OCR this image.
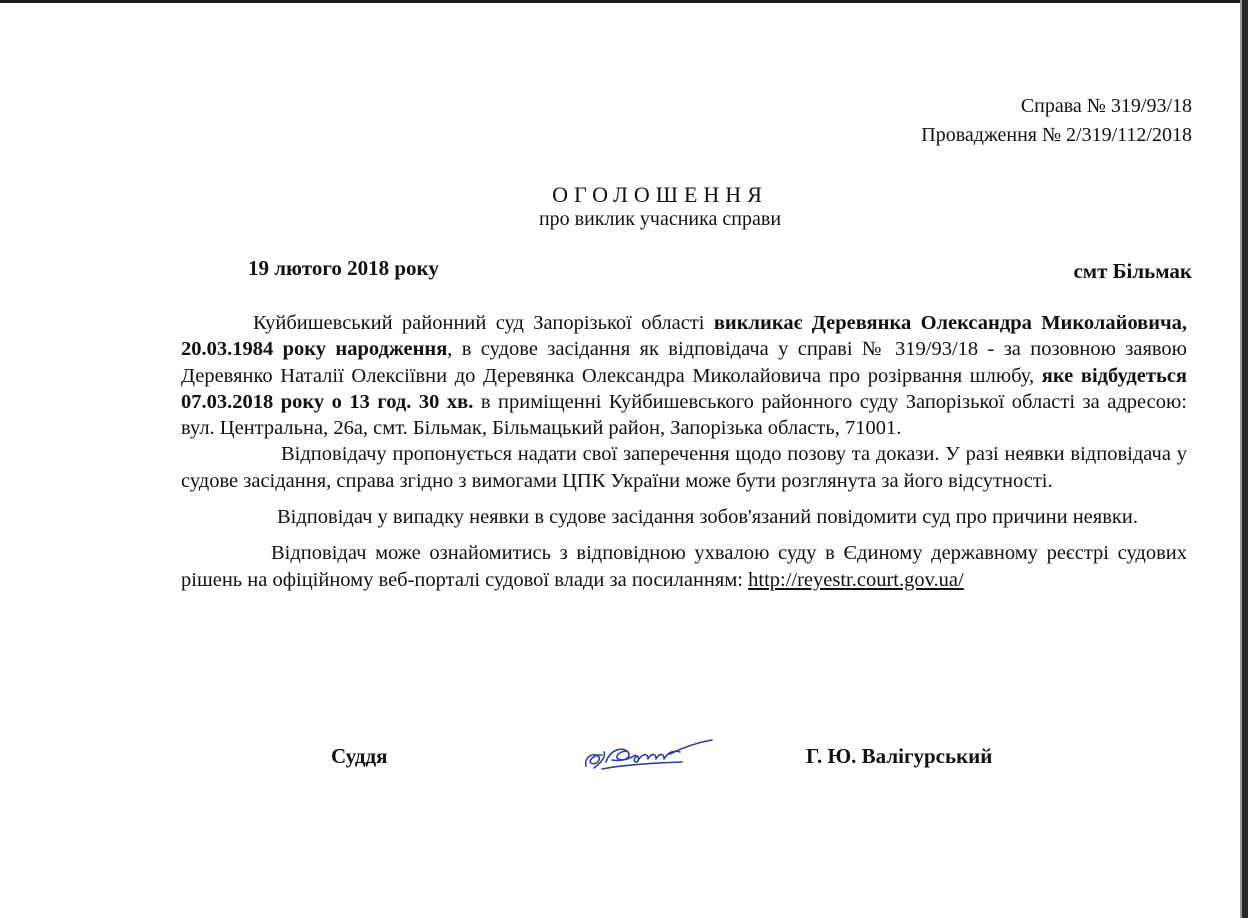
Справа № 319/93/18
Провадження № 2/319/112/2018
ОГОЛОШЕННЯ
про виклик учасника справи
19 лютого 2018 року	смт Більмак

Куйбишевський районний суд Запорізької області викликає Деревянка Олександра Миколайовича, 20.03.1984 року народження, в судове засідання як відповідача у справі № 319/93/18 - за позовною заявою Деревянко Наталії Олексіївни до Деревянка Олександра Миколайовича про розірвання шлюбу, яке відбудеться 07.03.2018 року о 13 год. 30 хв. в приміщенні Куйбишевського районного суду Запорізької області за адресою: вул. Центральна, 26а, смт. Більмак, Більмацький район, Запорізька область, 71001.

Відповідачу пропонується надати свої заперечення щодо позову та докази. У разі неявки відповідача у судове засідання, справа згідно з вимогами ЦПК України може бути розглянута за його відсутності.

Відповідач у випадку неявки в судове засідання зобов'язаний повідомити суд про причини неявки.

Відповідач може ознайомитись з відповідною ухвалою суду в Єдиному державному реєстрі судових рішень на офіційному веб-порталі судової влади за посиланням: http://reyestr.court.gov.ua/

Суддя	Г. Ю. Валігурський
